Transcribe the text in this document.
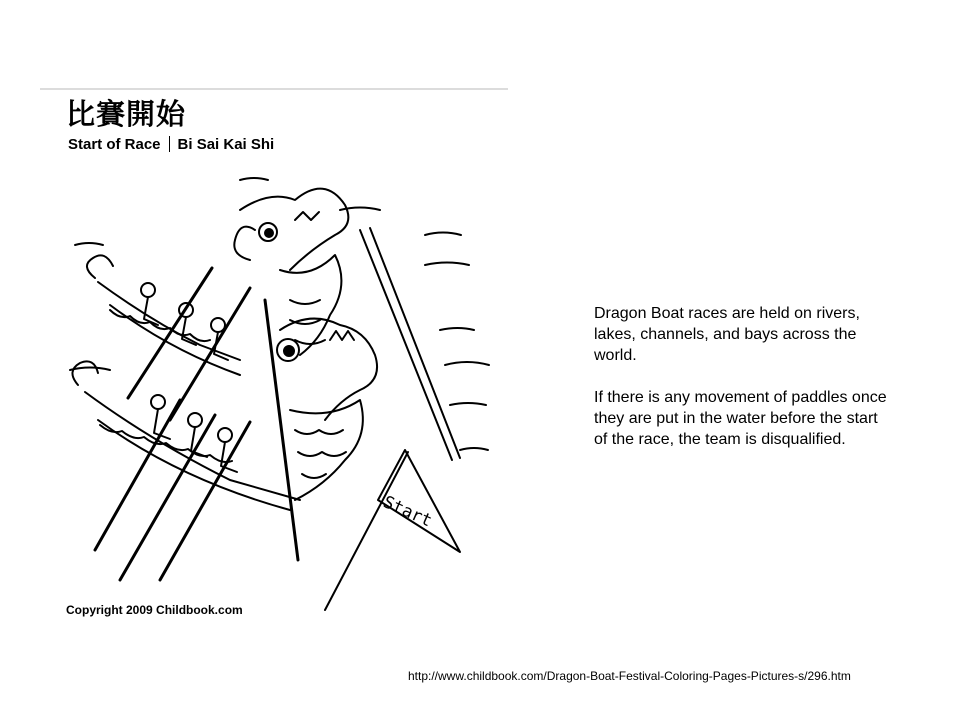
比賽開始
Start of Race Bi Sai Kai Shi
Start
Copyright 2009 Childbook.com

Dragon Boat races are held on rivers, lakes, channels, and bays across the world.

If there is any movement of paddles once they are put in the water before the start of the race, the team is disqualified.

http://www.childbook.com/Dragon-Boat-Festival-Coloring-Pages-Pictures-s/296.htm
